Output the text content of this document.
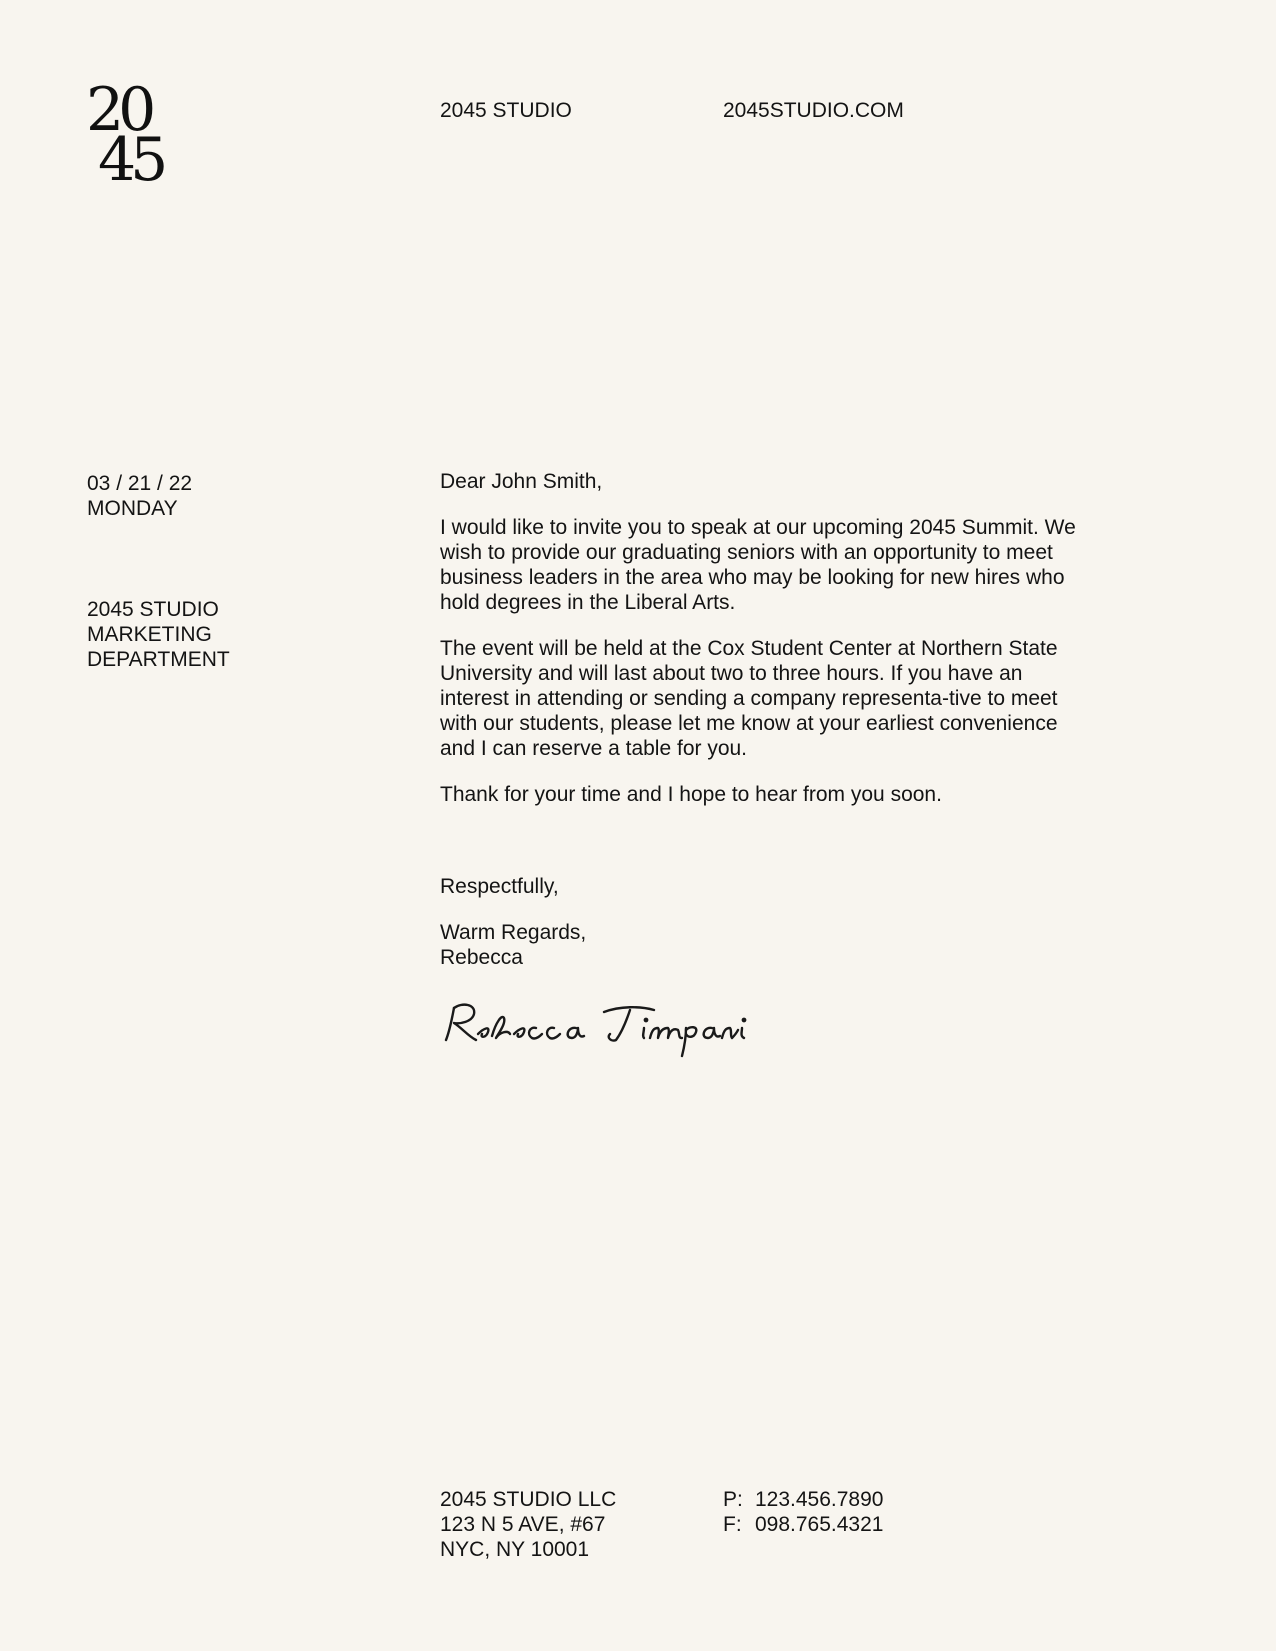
20
45
2045 STUDIO	2045STUDIO.COM
03 / 21 / 22
MONDAY
2045 STUDIO
MARKETING
DEPARTMENT

Dear John Smith,

I would like to invite you to speak at our upcoming 2045 Summit. We wish to provide our graduating seniors with an opportunity to meet business leaders in the area who may be looking for new hires who hold degrees in the Liberal Arts.

The event will be held at the Cox Student Center at Northern State University and will last about two to three hours. If you have an interest in attending or sending a company representa-tive to meet with our students, please let me know at your earliest convenience and I can reserve a table for you.

Thank for your time and I hope to hear from you soon.

Respectfully,

Warm Regards,
Rebecca

2045 STUDIO LLC
123 N 5 AVE, #67
NYC, NY 10001
P: 123.456.7890
F: 098.765.4321
